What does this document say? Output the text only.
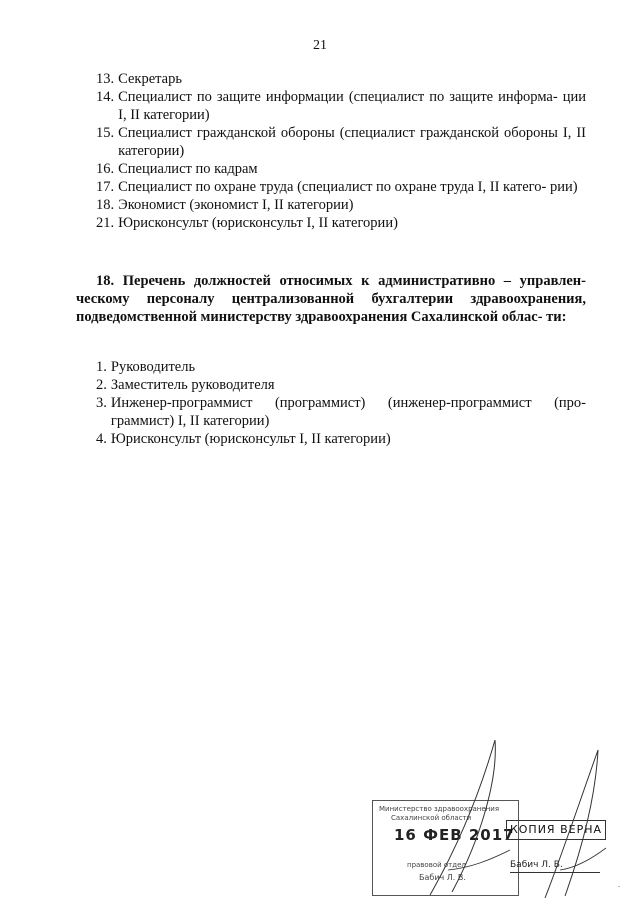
21
13. Секретарь
14. Специалист по защите информации (специалист по защите информа- ции I, II категории)
15. Специалист гражданской обороны (специалист гражданской обороны I, II категории)
16. Специалист по кадрам
17. Специалист по охране труда (специалист по охране труда I, II катего- рии)
18. Экономист (экономист I, II категории)
21. Юрисконсульт (юрисконсульт I, II категории)
18. Перечень должностей относимых к административно – управлен- ческому персоналу централизованной бухгалтерии здравоохранения, подведомственной министерству здравоохранения Сахалинской облас- ти:
1. Руководитель
2. Заместитель руководителя
3. Инженер-программист (программист) (инженер-программист (про- граммист) I, II категории)
4. Юрисконсульт (юрисконсульт I, II категории)
Министерство здравоохранения
Сахалинской области
правовой отдел
Бабич Л. В.
16 ФЕВ 2017
КОПИЯ ВЕРНА
Бабич Л. В.
ᐧ
